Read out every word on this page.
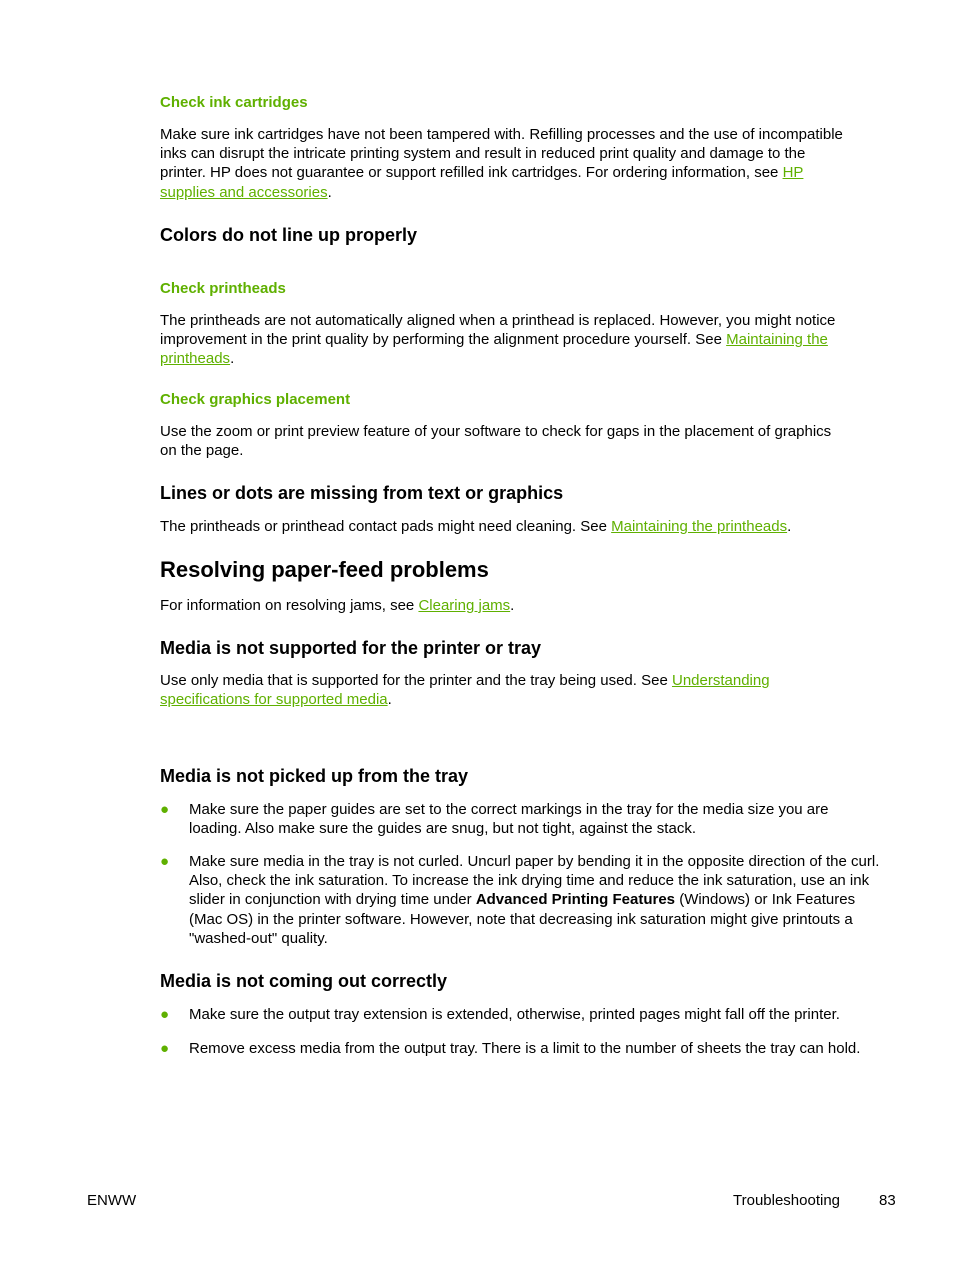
Check ink cartridges

Make sure ink cartridges have not been tampered with. Refilling processes and the use of incompatible inks can disrupt the intricate printing system and result in reduced print quality and damage to the printer. HP does not guarantee or support refilled ink cartridges. For ordering information, see HP supplies and accessories.

Colors do not line up properly
Check printheads

The printheads are not automatically aligned when a printhead is replaced. However, you might notice improvement in the print quality by performing the alignment procedure yourself. See Maintaining the printheads.

Check graphics placement

Use the zoom or print preview feature of your software to check for gaps in the placement of graphics on the page.

Lines or dots are missing from text or graphics

The printheads or printhead contact pads might need cleaning. See Maintaining the printheads.

Resolving paper-feed problems

For information on resolving jams, see Clearing jams.

Media is not supported for the printer or tray

Use only media that is supported for the printer and the tray being used. See Understanding specifications for supported media.

Media is not picked up from the tray
● Make sure the paper guides are set to the correct markings in the tray for the media size you are loading. Also make sure the guides are snug, but not tight, against the stack.
● Make sure media in the tray is not curled. Uncurl paper by bending it in the opposite direction of the curl. Also, check the ink saturation. To increase the ink drying time and reduce the ink saturation, use an ink slider in conjunction with drying time under Advanced Printing Features (Windows) or Ink Features (Mac OS) in the printer software. However, note that decreasing ink saturation might give printouts a "washed-out" quality.
Media is not coming out correctly
● Make sure the output tray extension is extended, otherwise, printed pages might fall off the printer.
● Remove excess media from the output tray. There is a limit to the number of sheets the tray can hold.
ENWW	Troubleshooting	83
